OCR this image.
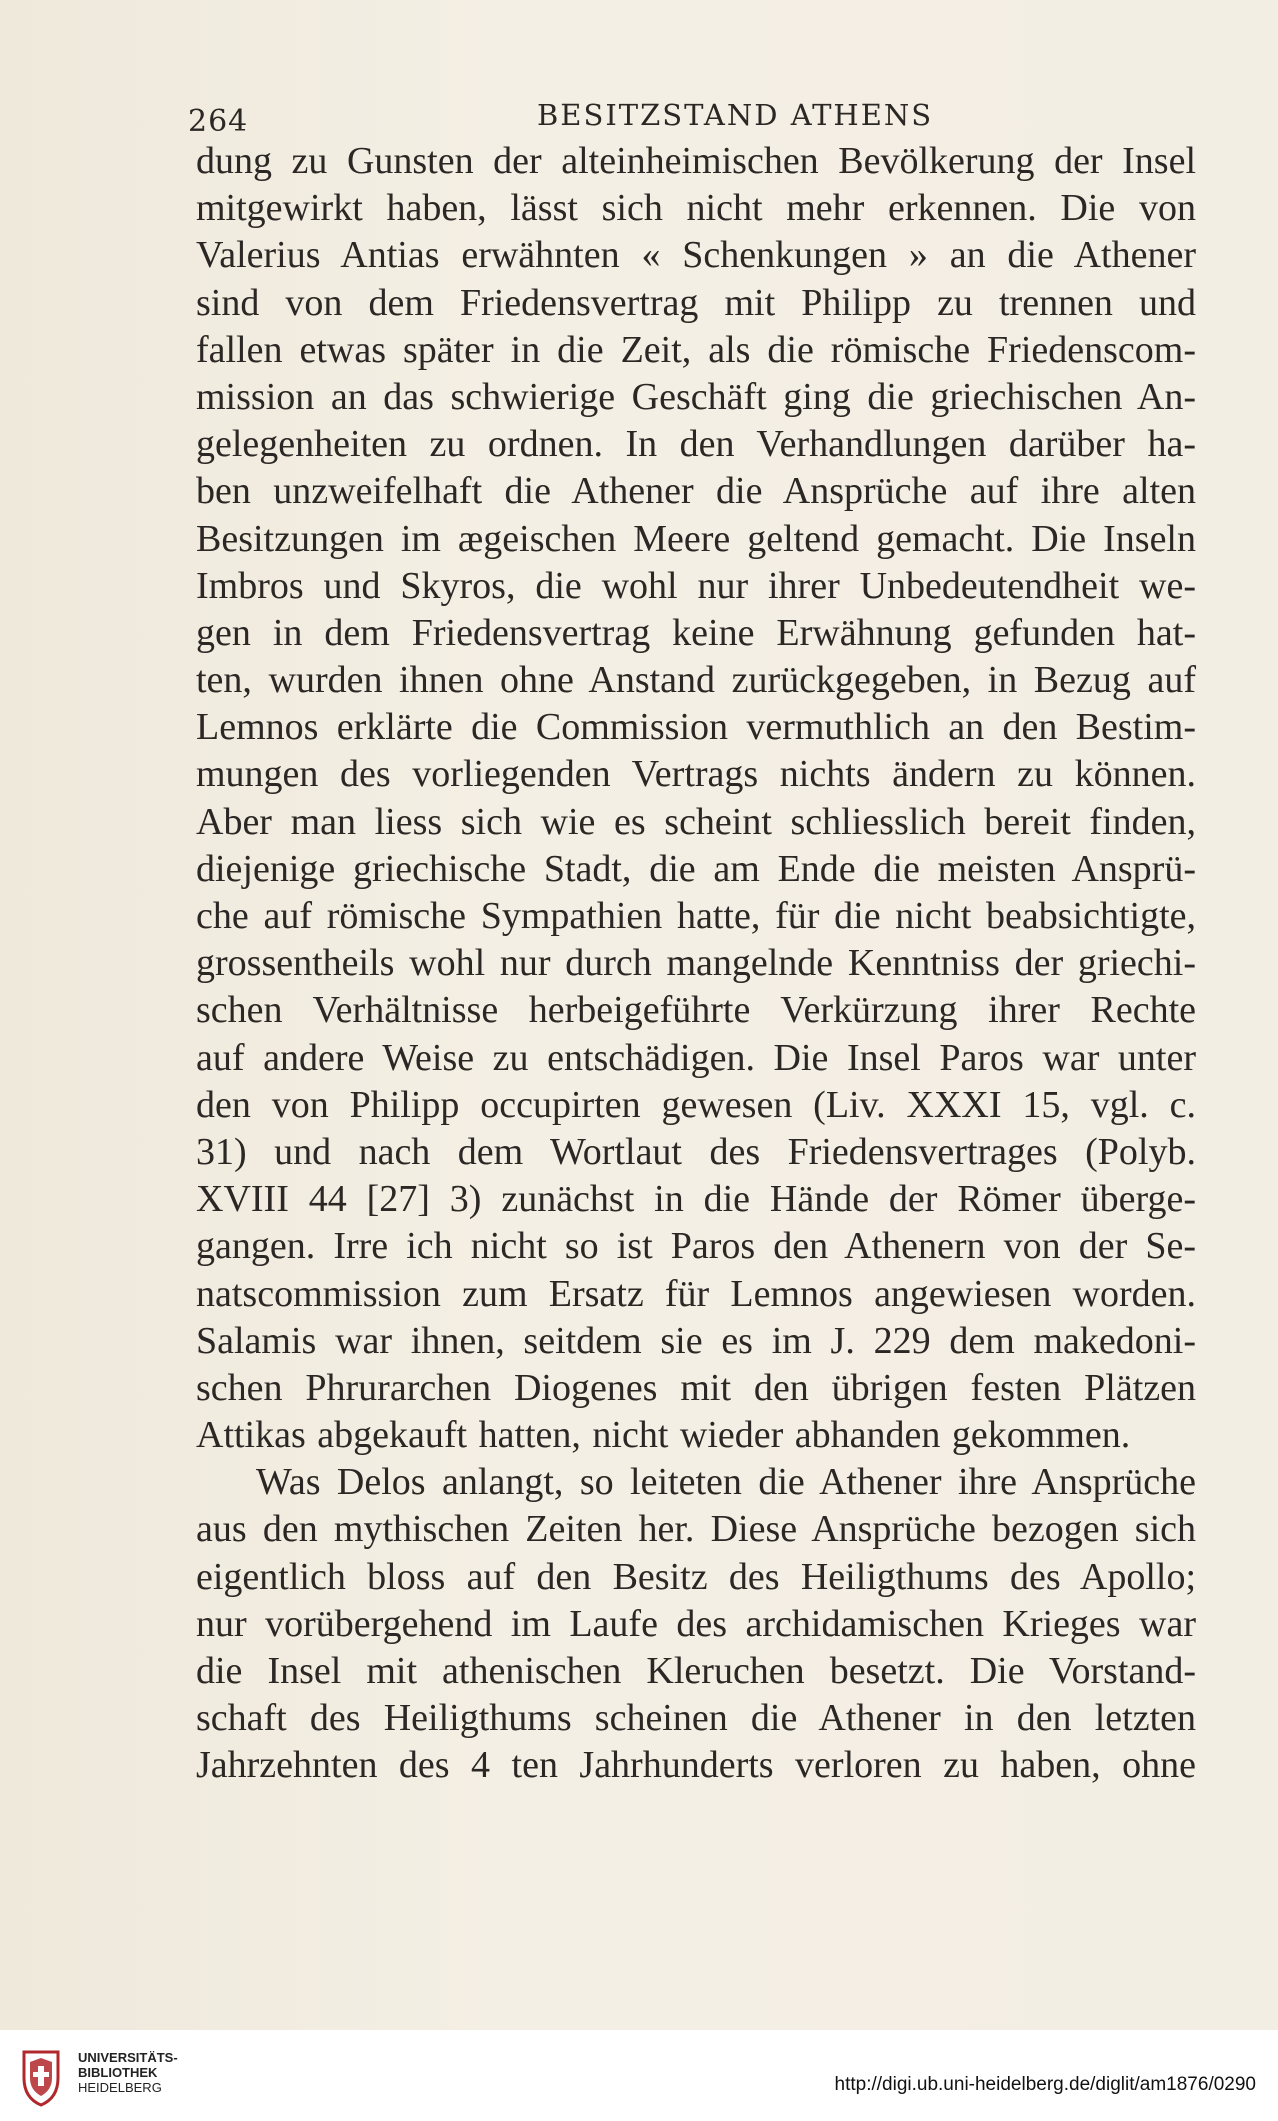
264	BESITZSTAND ATHENS
dung zu Gunsten der alteinheimischen Bevölkerung der Insel
mitgewirkt haben, lässt sich nicht mehr erkennen. Die von
Valerius Antias erwähnten « Schenkungen » an die Athener
sind von dem Friedensvertrag mit Philipp zu trennen und
fallen etwas später in die Zeit, als die römische Friedenscom-
mission an das schwierige Geschäft ging die griechischen An-
gelegenheiten zu ordnen. In den Verhandlungen darüber ha-
ben unzweifelhaft die Athener die Ansprüche auf ihre alten
Besitzungen im ægeischen Meere geltend gemacht. Die Inseln
Imbros und Skyros, die wohl nur ihrer Unbedeutendheit we-
gen in dem Friedensvertrag keine Erwähnung gefunden hat-
ten, wurden ihnen ohne Anstand zurückgegeben, in Bezug auf
Lemnos erklärte die Commission vermuthlich an den Bestim-
mungen des vorliegenden Vertrags nichts ändern zu können.
Aber man liess sich wie es scheint schliesslich bereit finden,
diejenige griechische Stadt, die am Ende die meisten Ansprü-
che auf römische Sympathien hatte, für die nicht beabsichtigte,
grossentheils wohl nur durch mangelnde Kenntniss der griechi-
schen Verhältnisse herbeigeführte Verkürzung ihrer Rechte
auf andere Weise zu entschädigen. Die Insel Paros war unter
den von Philipp occupirten gewesen (Liv. XXXI 15, vgl. c.
31) und nach dem Wortlaut des Friedensvertrages (Polyb.
XVIII 44 [27] 3) zunächst in die Hände der Römer überge-
gangen. Irre ich nicht so ist Paros den Athenern von der Se-
natscommission zum Ersatz für Lemnos angewiesen worden.
Salamis war ihnen, seitdem sie es im J. 229 dem makedoni-
schen Phrurarchen Diogenes mit den übrigen festen Plätzen
Attikas abgekauft hatten, nicht wieder abhanden gekommen.
Was Delos anlangt, so leiteten die Athener ihre Ansprüche
aus den mythischen Zeiten her. Diese Ansprüche bezogen sich
eigentlich bloss auf den Besitz des Heiligthums des Apollo;
nur vorübergehend im Laufe des archidamischen Krieges war
die Insel mit athenischen Kleruchen besetzt. Die Vorstand-
schaft des Heiligthums scheinen die Athener in den letzten
Jahrzehnten des 4 ten Jahrhunderts verloren zu haben, ohne
UNIVERSITÄTS-
BIBLIOTHEK
HEIDELBERG	http://digi.ub.uni-heidelberg.de/diglit/am1876/0290
